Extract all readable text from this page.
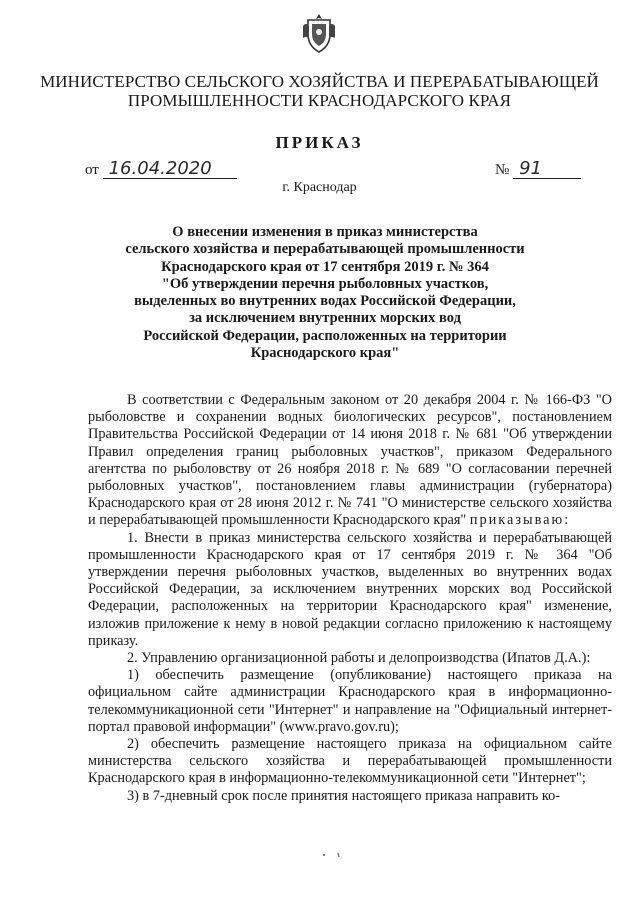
МИНИСТЕРСТВО СЕЛЬСКОГО ХОЗЯЙСТВА И ПЕРЕРАБАТЫВАЮЩЕЙ
ПРОМЫШЛЕННОСТИ КРАСНОДАРСКОГО КРАЯ
ПРИКАЗ
от 16.04.2020	№ 91
г. Краснодар
О внесении изменения в приказ министерства
сельского хозяйства и перерабатывающей промышленности
Краснодарского края от 17 сентября 2019 г. № 364
"Об утверждении перечня рыболовных участков,
выделенных во внутренних водах Российской Федерации,
за исключением внутренних морских вод
Российской Федерации, расположенных на территории
Краснодарского края"

В соответствии с Федеральным законом от 20 декабря 2004 г. № 166-ФЗ "О рыболовстве и сохранении водных биологических ресурсов", постановлением Правительства Российской Федерации от 14 июня 2018 г. № 681 "Об утверждении Правил определения границ рыболовных участков", приказом Федерального агентства по рыболовству от 26 ноября 2018 г. № 689 "О согласовании перечней рыболовных участков", постановлением главы администрации (губернатора) Краснодарского края от 28 июня 2012 г. № 741 "О министерстве сельского хозяйства и перерабатывающей промышленности Краснодарского края" приказываю:

1. Внести в приказ министерства сельского хозяйства и перерабатывающей промышленности Краснодарского края от 17 сентября 2019 г. № 364 "Об утверждении перечня рыболовных участков, выделенных во внутренних водах Российской Федерации, за исключением внутренних морских вод Российской Федерации, расположенных на территории Краснодарского края" изменение, изложив приложение к нему в новой редакции согласно приложению к настоящему приказу.

2. Управлению организационной работы и делопроизводства (Ипатов Д.А.):

1) обеспечить размещение (опубликование) настоящего приказа на официальном сайте администрации Краснодарского края в информационно-телекоммуникационной сети "Интернет" и направление на "Официальный интернет-портал правовой информации" (www.pravo.gov.ru);

2) обеспечить размещение настоящего приказа на официальном сайте министерства сельского хозяйства и перерабатывающей промышленности Краснодарского края в информационно-телекоммуникационной сети "Интернет";

3) в 7-дневный срок после принятия настоящего приказа направить ко-
